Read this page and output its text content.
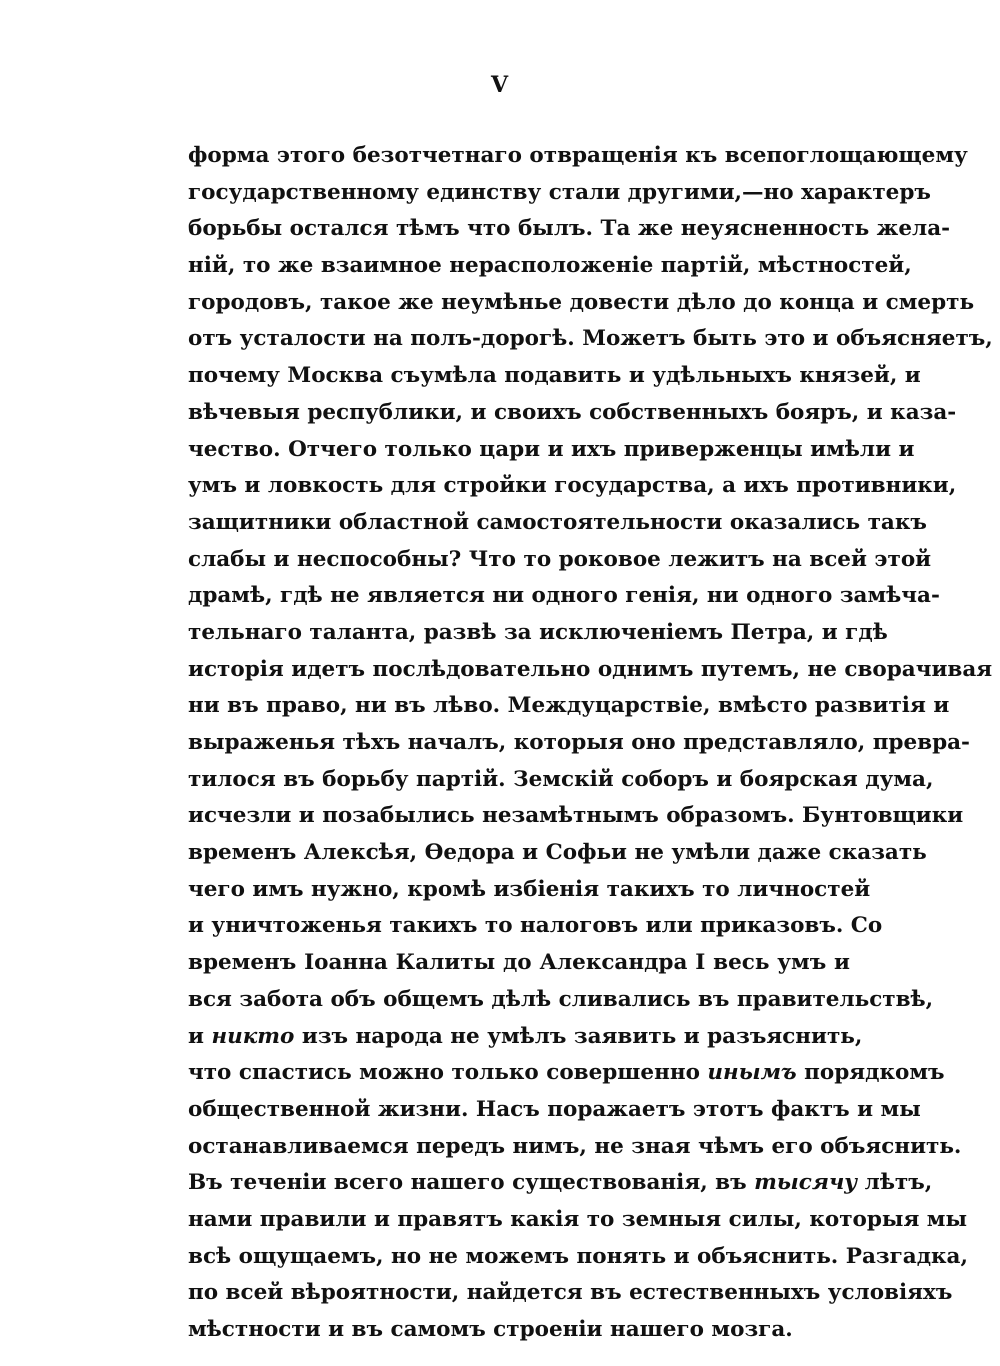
V
форма этого безотчетнаго отвращенія къ всепоглощающему
государственному единству стали другими,—но характеръ
борьбы остался тѣмъ что былъ. Та же неуясненность жела-
ній, то же взаимное нерасположеніе партій, мѣстностей,
городовъ, такое же неумѣнье довести дѣло до конца и смерть
отъ усталости на полъ-дорогѣ. Можетъ быть это и объясняетъ,
почему Москва съумѣла подавить и удѣльныхъ князей, и
вѣчевыя республики, и своихъ собственныхъ бояръ, и каза-
чество. Отчего только цари и ихъ приверженцы имѣли и
умъ и ловкость для стройки государства, а ихъ противники,
защитники областной самостоятельности оказались такъ
слабы и неспособны? Что то роковое лежитъ на всей этой
драмѣ, гдѣ не является ни одного генія, ни одного замѣча-
тельнаго таланта, развѣ за исключеніемъ Петра, и гдѣ
исторія идетъ послѣдовательно однимъ путемъ, не сворачивая
ни въ право, ни въ лѣво. Междуцарствіе, вмѣсто развитія и
выраженья тѣхъ началъ, которыя оно представляло, преврa-
тилося въ борьбу партій. Земскій соборъ и боярская дума,
исчезли и позабылись незамѣтнымъ образомъ. Бунтовщики
временъ Алексѣя, Ѳедора и Софьи не умѣли даже сказать
чего имъ нужно, кромѣ избіенія такихъ то личностей
и уничтоженья такихъ то налоговъ или приказовъ. Со
временъ Іоанна Калиты до Александра I весь умъ и
вся забота объ общемъ дѣлѣ сливались въ правительствѣ,
и никто изъ народа не умѣлъ заявить и разъяснить,
что спастись можно только совершенно инымъ порядкомъ
общественной жизни. Насъ поражаетъ этотъ фактъ и мы
останавливаемся передъ нимъ, не зная чѣмъ его объяснить.
Въ теченіи всего нашего существованія, въ тысячу лѣтъ,
нами правили и правятъ какія то земныя силы, которыя мы
всѣ ощущаемъ, но не можемъ понять и объяснить. Разгадка,
по всей вѣроятности, найдется въ естественныхъ условіяхъ
мѣстности и въ самомъ строеніи нашего мозга.
